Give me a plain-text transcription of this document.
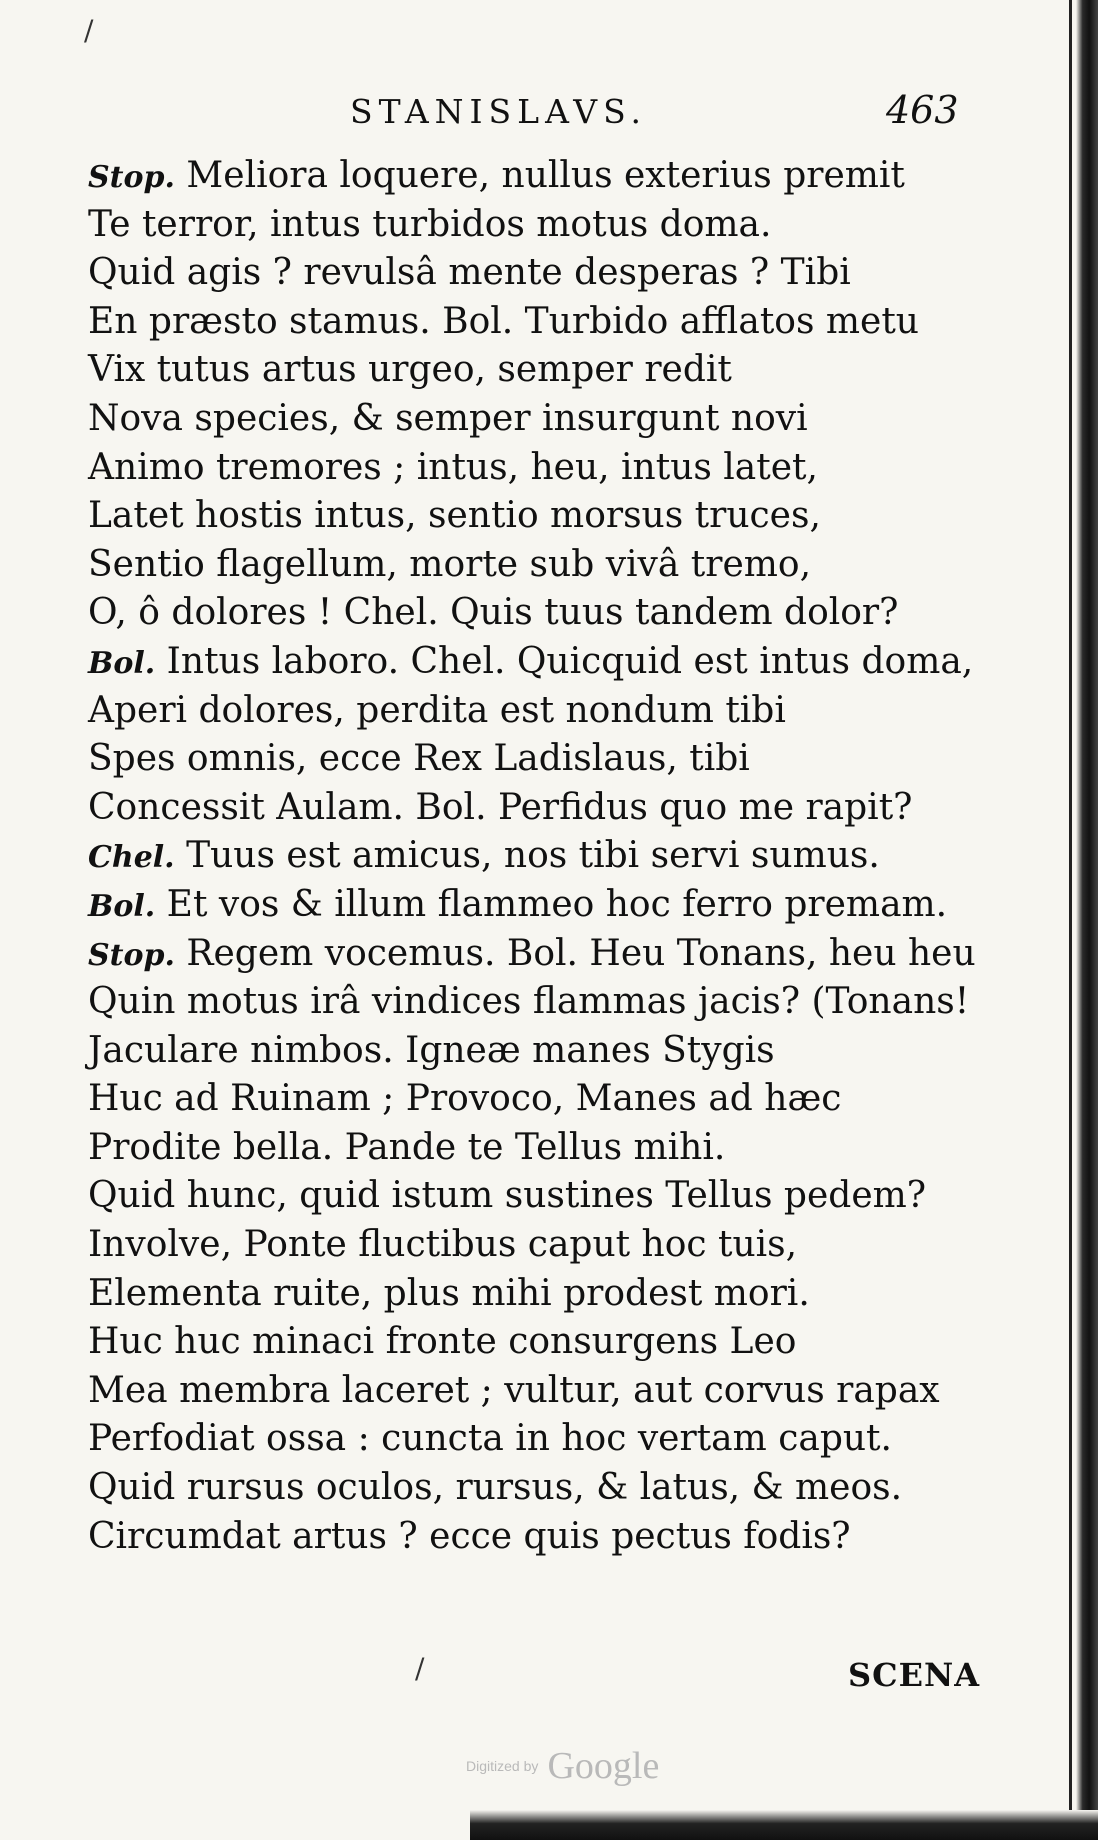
/
/
STANISLAVS.	463
Stop. Meliora loquere, nullus exterius premit
Te terror, intus turbidos motus doma.
Quid agis ? revulsâ mente desperas ? Tibi
En præsto stamus. Bol. Turbido afflatos metu
Vix tutus artus urgeo, semper redit
Nova species, & semper insurgunt novi
Animo tremores ; intus, heu, intus latet,
Latet hostis intus, sentio morsus truces,
Sentio flagellum, morte sub vivâ tremo,
O, ô dolores ! Chel. Quis tuus tandem dolor?
Bol. Intus laboro. Chel. Quicquid est intus doma,
Aperi dolores, perdita est nondum tibi
Spes omnis, ecce Rex Ladislaus, tibi
Concessit Aulam. Bol. Perfidus quo me rapit?
Chel. Tuus est amicus, nos tibi servi sumus.
Bol. Et vos & illum flammeo hoc ferro premam.
Stop. Regem vocemus. Bol. Heu Tonans, heu heu
Quin motus irâ vindices flammas jacis? (Tonans!
Jaculare nimbos. Igneæ manes Stygis
Huc ad Ruinam ; Provoco, Manes ad hæc
Prodite bella. Pande te Tellus mihi.
Quid hunc, quid istum sustines Tellus pedem?
Involve, Ponte fluctibus caput hoc tuis,
Elementa ruite, plus mihi prodest mori.
Huc huc minaci fronte consurgens Leo
Mea membra laceret ; vultur, aut corvus rapax
Perfodiat ossa : cuncta in hoc vertam caput.
Quid rursus oculos, rursus, & latus, & meos.
Circumdat artus ? ecce quis pectus fodis?
SCENA
Digitized by Google
